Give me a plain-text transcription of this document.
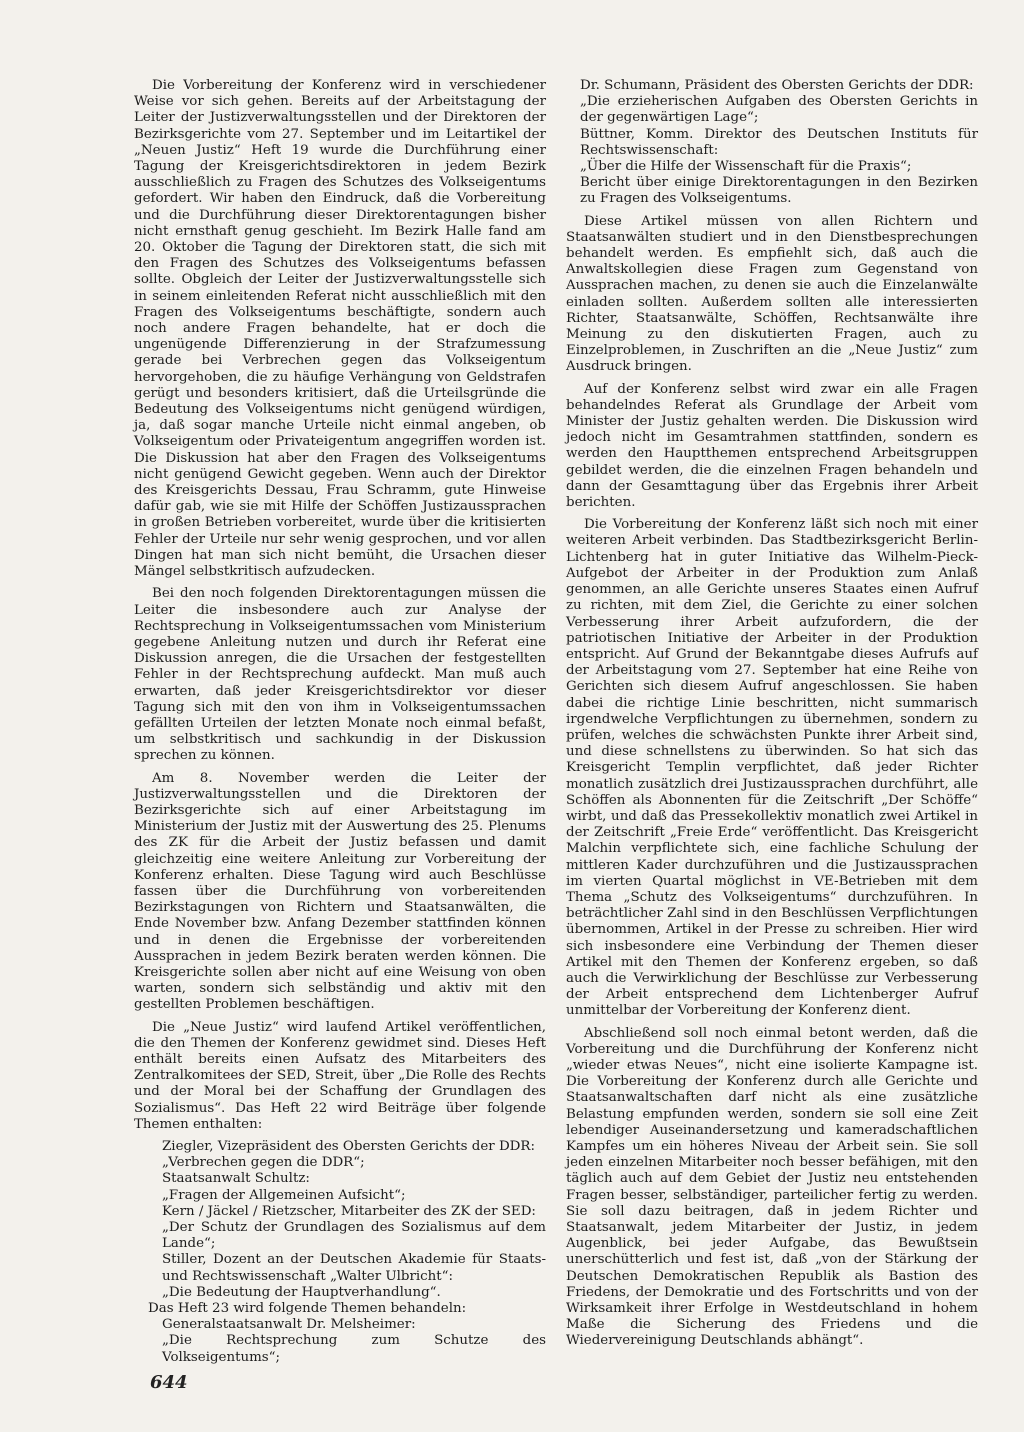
Die Vorbereitung der Konferenz wird in verschiedener Weise vor sich gehen. Bereits auf der Arbeitstagung der Leiter der Justizverwaltungsstellen und der Direktoren der Bezirksgerichte vom 27. September und im Leitartikel der „Neuen Justiz“ Heft 19 wurde die Durchführung einer Tagung der Kreisgerichtsdirektoren in jedem Bezirk ausschließlich zu Fragen des Schutzes des Volkseigentums gefordert. Wir haben den Eindruck, daß die Vorbereitung und die Durchführung dieser Direktorentagungen bisher nicht ernsthaft genug geschieht. Im Bezirk Halle fand am 20. Oktober die Tagung der Direktoren statt, die sich mit den Fragen des Schutzes des Volkseigentums befassen sollte. Obgleich der Leiter der Justizverwaltungsstelle sich in seinem einleitenden Referat nicht ausschließlich mit den Fragen des Volkseigentums beschäftigte, sondern auch noch andere Fragen behandelte, hat er doch die ungenügende Differenzierung in der Strafzumessung gerade bei Verbrechen gegen das Volkseigentum hervorgehoben, die zu häufige Verhängung von Geldstrafen gerügt und besonders kritisiert, daß die Urteilsgründe die Bedeutung des Volkseigentums nicht genügend würdigen, ja, daß sogar manche Urteile nicht einmal angeben, ob Volkseigentum oder Privateigentum angegriffen worden ist. Die Diskussion hat aber den Fragen des Volkseigentums nicht genügend Gewicht gegeben. Wenn auch der Direktor des Kreisgerichts Dessau, Frau Schramm, gute Hinweise dafür gab, wie sie mit Hilfe der Schöffen Justizaussprachen in großen Betrieben vorbereitet, wurde über die kritisierten Fehler der Urteile nur sehr wenig gesprochen, und vor allen Dingen hat man sich nicht bemüht, die Ursachen dieser Mängel selbstkritisch aufzudecken.

Bei den noch folgenden Direktorentagungen müssen die Leiter die insbesondere auch zur Analyse der Rechtsprechung in Volkseigentumssachen vom Ministerium gegebene Anleitung nutzen und durch ihr Referat eine Diskussion anregen, die die Ursachen der festgestellten Fehler in der Rechtsprechung aufdeckt. Man muß auch erwarten, daß jeder Kreisgerichtsdirektor vor dieser Tagung sich mit den von ihm in Volkseigentumssachen gefällten Urteilen der letzten Monate noch einmal befaßt, um selbstkritisch und sachkundig in der Diskussion sprechen zu können.

Am 8. November werden die Leiter der Justizverwaltungsstellen und die Direktoren der Bezirksgerichte sich auf einer Arbeitstagung im Ministerium der Justiz mit der Auswertung des 25. Plenums des ZK für die Arbeit der Justiz befassen und damit gleichzeitig eine weitere Anleitung zur Vorbereitung der Konferenz erhalten. Diese Tagung wird auch Beschlüsse fassen über die Durchführung von vorbereitenden Bezirkstagungen von Richtern und Staatsanwälten, die Ende November bzw. Anfang Dezember stattfinden können und in denen die Ergebnisse der vorbereitenden Aussprachen in jedem Bezirk beraten werden können. Die Kreisgerichte sollen aber nicht auf eine Weisung von oben warten, sondern sich selbständig und aktiv mit den gestellten Problemen beschäftigen.

Die „Neue Justiz“ wird laufend Artikel veröffentlichen, die den Themen der Konferenz gewidmet sind. Dieses Heft enthält bereits einen Aufsatz des Mitarbeiters des Zentralkomitees der SED, Streit, über „Die Rolle des Rechts und der Moral bei der Schaffung der Grundlagen des Sozialismus“. Das Heft 22 wird Beiträge über folgende Themen enthalten:

Ziegler, Vizepräsident des Obersten Gerichts der DDR:
„Verbrechen gegen die DDR“;
Staatsanwalt Schultz:
„Fragen der Allgemeinen Aufsicht“;
Kern / Jäckel / Rietzscher, Mitarbeiter des ZK der SED:
„Der Schutz der Grundlagen des Sozialismus auf dem Lande“;
Stiller, Dozent an der Deutschen Akademie für Staats- und Rechtswissenschaft „Walter Ulbricht“:
„Die Bedeutung der Hauptverhandlung“.
Das Heft 23 wird folgende Themen behandeln:
Generalstaatsanwalt Dr. Melsheimer:
„Die Rechtsprechung zum Schutze des Volkseigentums“;
Dr. Schumann, Präsident des Obersten Gerichts der DDR:
„Die erzieherischen Aufgaben des Obersten Gerichts in der gegenwärtigen Lage“;
Büttner, Komm. Direktor des Deutschen Instituts für Rechtswissenschaft:
„Über die Hilfe der Wissenschaft für die Praxis“;
Bericht über einige Direktorentagungen in den Bezirken zu Fragen des Volkseigentums.

Diese Artikel müssen von allen Richtern und Staatsanwälten studiert und in den Dienstbesprechungen behandelt werden. Es empfiehlt sich, daß auch die Anwaltskollegien diese Fragen zum Gegenstand von Aussprachen machen, zu denen sie auch die Einzelanwälte einladen sollten. Außerdem sollten alle interessierten Richter, Staatsanwälte, Schöffen, Rechtsanwälte ihre Meinung zu den diskutierten Fragen, auch zu Einzelproblemen, in Zuschriften an die „Neue Justiz“ zum Ausdruck bringen.

Auf der Konferenz selbst wird zwar ein alle Fragen behandelndes Referat als Grundlage der Arbeit vom Minister der Justiz gehalten werden. Die Diskussion wird jedoch nicht im Gesamtrahmen stattfinden, sondern es werden den Hauptthemen entsprechend Arbeitsgruppen gebildet werden, die die einzelnen Fragen behandeln und dann der Gesamttagung über das Ergebnis ihrer Arbeit berichten.

Die Vorbereitung der Konferenz läßt sich noch mit einer weiteren Arbeit verbinden. Das Stadtbezirksgericht Berlin-Lichtenberg hat in guter Initiative das Wilhelm-Pieck-Aufgebot der Arbeiter in der Produktion zum Anlaß genommen, an alle Gerichte unseres Staates einen Aufruf zu richten, mit dem Ziel, die Gerichte zu einer solchen Verbesserung ihrer Arbeit aufzufordern, die der patriotischen Initiative der Arbeiter in der Produktion entspricht. Auf Grund der Bekanntgabe dieses Aufrufs auf der Arbeitstagung vom 27. September hat eine Reihe von Gerichten sich diesem Aufruf angeschlossen. Sie haben dabei die richtige Linie beschritten, nicht summarisch irgendwelche Verpflichtungen zu übernehmen, sondern zu prüfen, welches die schwächsten Punkte ihrer Arbeit sind, und diese schnellstens zu überwinden. So hat sich das Kreisgericht Templin verpflichtet, daß jeder Richter monatlich zusätzlich drei Justizaussprachen durchführt, alle Schöffen als Abonnenten für die Zeitschrift „Der Schöffe“ wirbt, und daß das Pressekollektiv monatlich zwei Artikel in der Zeitschrift „Freie Erde“ veröffentlicht. Das Kreisgericht Malchin verpflichtete sich, eine fachliche Schulung der mittleren Kader durchzuführen und die Justizaussprachen im vierten Quartal möglichst in VE-Betrieben mit dem Thema „Schutz des Volkseigentums“ durchzuführen. In beträchtlicher Zahl sind in den Beschlüssen Verpflichtungen übernommen, Artikel in der Presse zu schreiben. Hier wird sich insbesondere eine Verbindung der Themen dieser Artikel mit den Themen der Konferenz ergeben, so daß auch die Verwirklichung der Beschlüsse zur Verbesserung der Arbeit entsprechend dem Lichtenberger Aufruf unmittelbar der Vorbereitung der Konferenz dient.

Abschließend soll noch einmal betont werden, daß die Vorbereitung und die Durchführung der Konferenz nicht „wieder etwas Neues“, nicht eine isolierte Kampagne ist. Die Vorbereitung der Konferenz durch alle Gerichte und Staatsanwaltschaften darf nicht als eine zusätzliche Belastung empfunden werden, sondern sie soll eine Zeit lebendiger Auseinandersetzung und kameradschaftlichen Kampfes um ein höheres Niveau der Arbeit sein. Sie soll jeden einzelnen Mitarbeiter noch besser befähigen, mit den täglich auch auf dem Gebiet der Justiz neu entstehenden Fragen besser, selbständiger, parteilicher fertig zu werden. Sie soll dazu beitragen, daß in jedem Richter und Staatsanwalt, jedem Mitarbeiter der Justiz, in jedem Augenblick, bei jeder Aufgabe, das Bewußtsein unerschütterlich und fest ist, daß „von der Stärkung der Deutschen Demokratischen Republik als Bastion des Friedens, der Demokratie und des Fortschritts und von der Wirksamkeit ihrer Erfolge in Westdeutschland in hohem Maße die Sicherung des Friedens und die Wiedervereinigung Deutschlands abhängt“.

644
